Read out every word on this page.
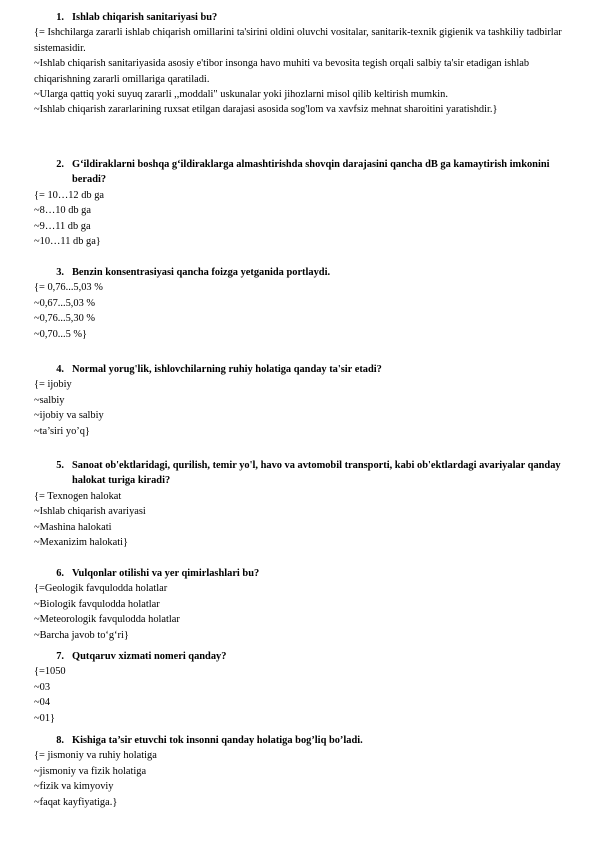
1. Ishlab chiqarish sanitariyasi bu?
{= Ishchilarga zararli ishlab chiqarish omillarini ta'sirini oldini oluvchi vositalar, sanitarik-texnik gigienik va tashkiliy tadbirlar sistemasidir.
~Ishlab chiqarish sanitariyasida asosiy e'tibor insonga havo muhiti va bevosita tegish orqali salbiy ta'sir etadigan ishlab chiqarishning zararli omillariga qaratiladi.
~Ularga qattiq yoki suyuq zararli ,,moddali" uskunalar yoki jihozlarni misol qilib keltirish mumkin.
~Ishlab chiqarish zararlarining ruxsat etilgan darajasi asosida sog'lom va xavfsiz mehnat sharoitini yaratishdir.}
2. G‘ildiraklarni boshqa g‘ildiraklarga almashtirishda shovqin darajasini qancha dB ga kamaytirish imkonini beradi?
{= 10…12 db ga
~8…10 db ga
~9…11 db ga
~10…11 db ga}
3. Benzin konsentrasiyasi qancha foizga yetganida portlaydi.
{= 0,76...5,03 %
~0,67...5,03 %
~0,76...5,30 %
~0,70...5 %}
4. Normal yorug'lik, ishlovchilarning ruhiy holatiga qanday ta'sir etadi?
{= ijobiy
~salbiy
~ijobiy va salbiy
~ta’siri yo’q}
5. Sanoat ob'ektlaridagi, qurilish, temir yo'l, havo va avtomobil transporti, kabi ob'ektlardagi avariyalar qanday halokat turiga kiradi?
{= Texnogen halokat
~Ishlab chiqarish avariyasi
~Mashina halokati
~Mexanizim halokati}
6. Vulqonlar otilishi va yer qimirlashlari bu?
{=Geologik favqulodda holatlar
~Biologik favqulodda holatlar
~Meteorologik favqulodda holatlar
~Barcha javob to‘g‘ri}
7. Qutqaruv xizmati nomeri qanday?
{=1050
~03
~04
~01}
8. Kishiga ta’sir etuvchi tok insonni qanday holatiga bog’liq bo’ladi.
{= jismoniy va ruhiy holatiga
~jismoniy va fizik holatiga
~fizik va kimyoviy
~faqat kayfiyatiga.}
